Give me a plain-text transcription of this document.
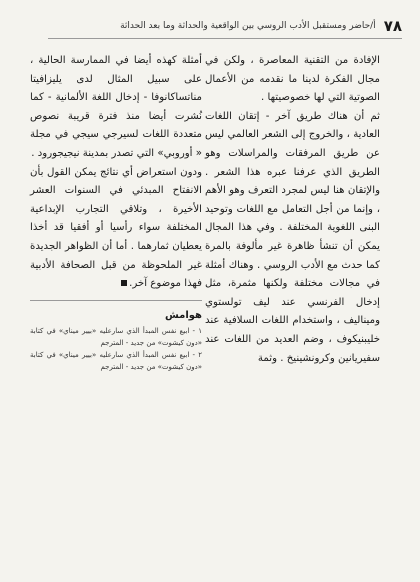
٧٨
أ/حاضر ومستقبل الأدب الروسي بين الواقعية والحداثة وما بعد الحداثة

الإفادة من التقنية المعاصرة ، ولكن في مجال الفكرة لدينا ما نقدمه من الأعمال الصوتية التي لها خصوصيتها .

ثم أن هناك طريق آخر - إتقان اللغات العادية ، والخروج إلى الشعر العالمي ليس عن طريق المرفقات والمراسلات وهو الطريق الذي عرفنا عبره هذا الشعر . والإتقان هنا ليس لمجرد التعرف وهو الأهم ، وإنما من أجل التعامل مع اللغات وتوحيد البنى اللغوية المختلفة . وفي هذا المجال يمكن أن تنشأ ظاهرة غير مألوفة بالمرة كما حدث مع الأدب الروسي . وهناك أمثلة في مجالات مختلفة ولكنها مثمرة، مثل إدخال الفرنسي عند ليف تولستوي وميناليف ، واستخدام اللغات السلافية عند خليبنيكوف ، وضم العديد من اللغات عند سفيريانين وكرونشينيخ . وثمة

أمثلة كهذه أيضا في الممارسة الحالية ، على سبيل المثال لدى يليزافيتا مناتساكانوفا - إدخال اللغة الألمانية - كما نُشرت أيضا منذ فترة قريبة نصوص متعددة اللغات لسيرجي سيجي في مجلة « أوروبي» التي تصدر بمدينة نيجيجورود .

ودون استعراض أي نتائج يمكن القول بأن الانفتاح المبدئي في السنوات العشر الأخيرة ، وتلاقي التجارب الإبداعية المختلفة سواء رأسيا أو أفقيا قد أخذا يعطيان ثمارهما . أما أن الظواهر الجديدة غير الملحوظة من قبل الصحافة الأدبية فهذا موضوع آخر.

هوامش

١ - ابيع نفس المبدأ الذي سارعليه «بيير ميناي» في كتابة «دون كيشوت» من جديد - المترجم

٢ - ابيع نفس المبدأ الذي سارعليه «بيير ميناي» في كتابة «دون كيشوت» من جديد - المترجم
